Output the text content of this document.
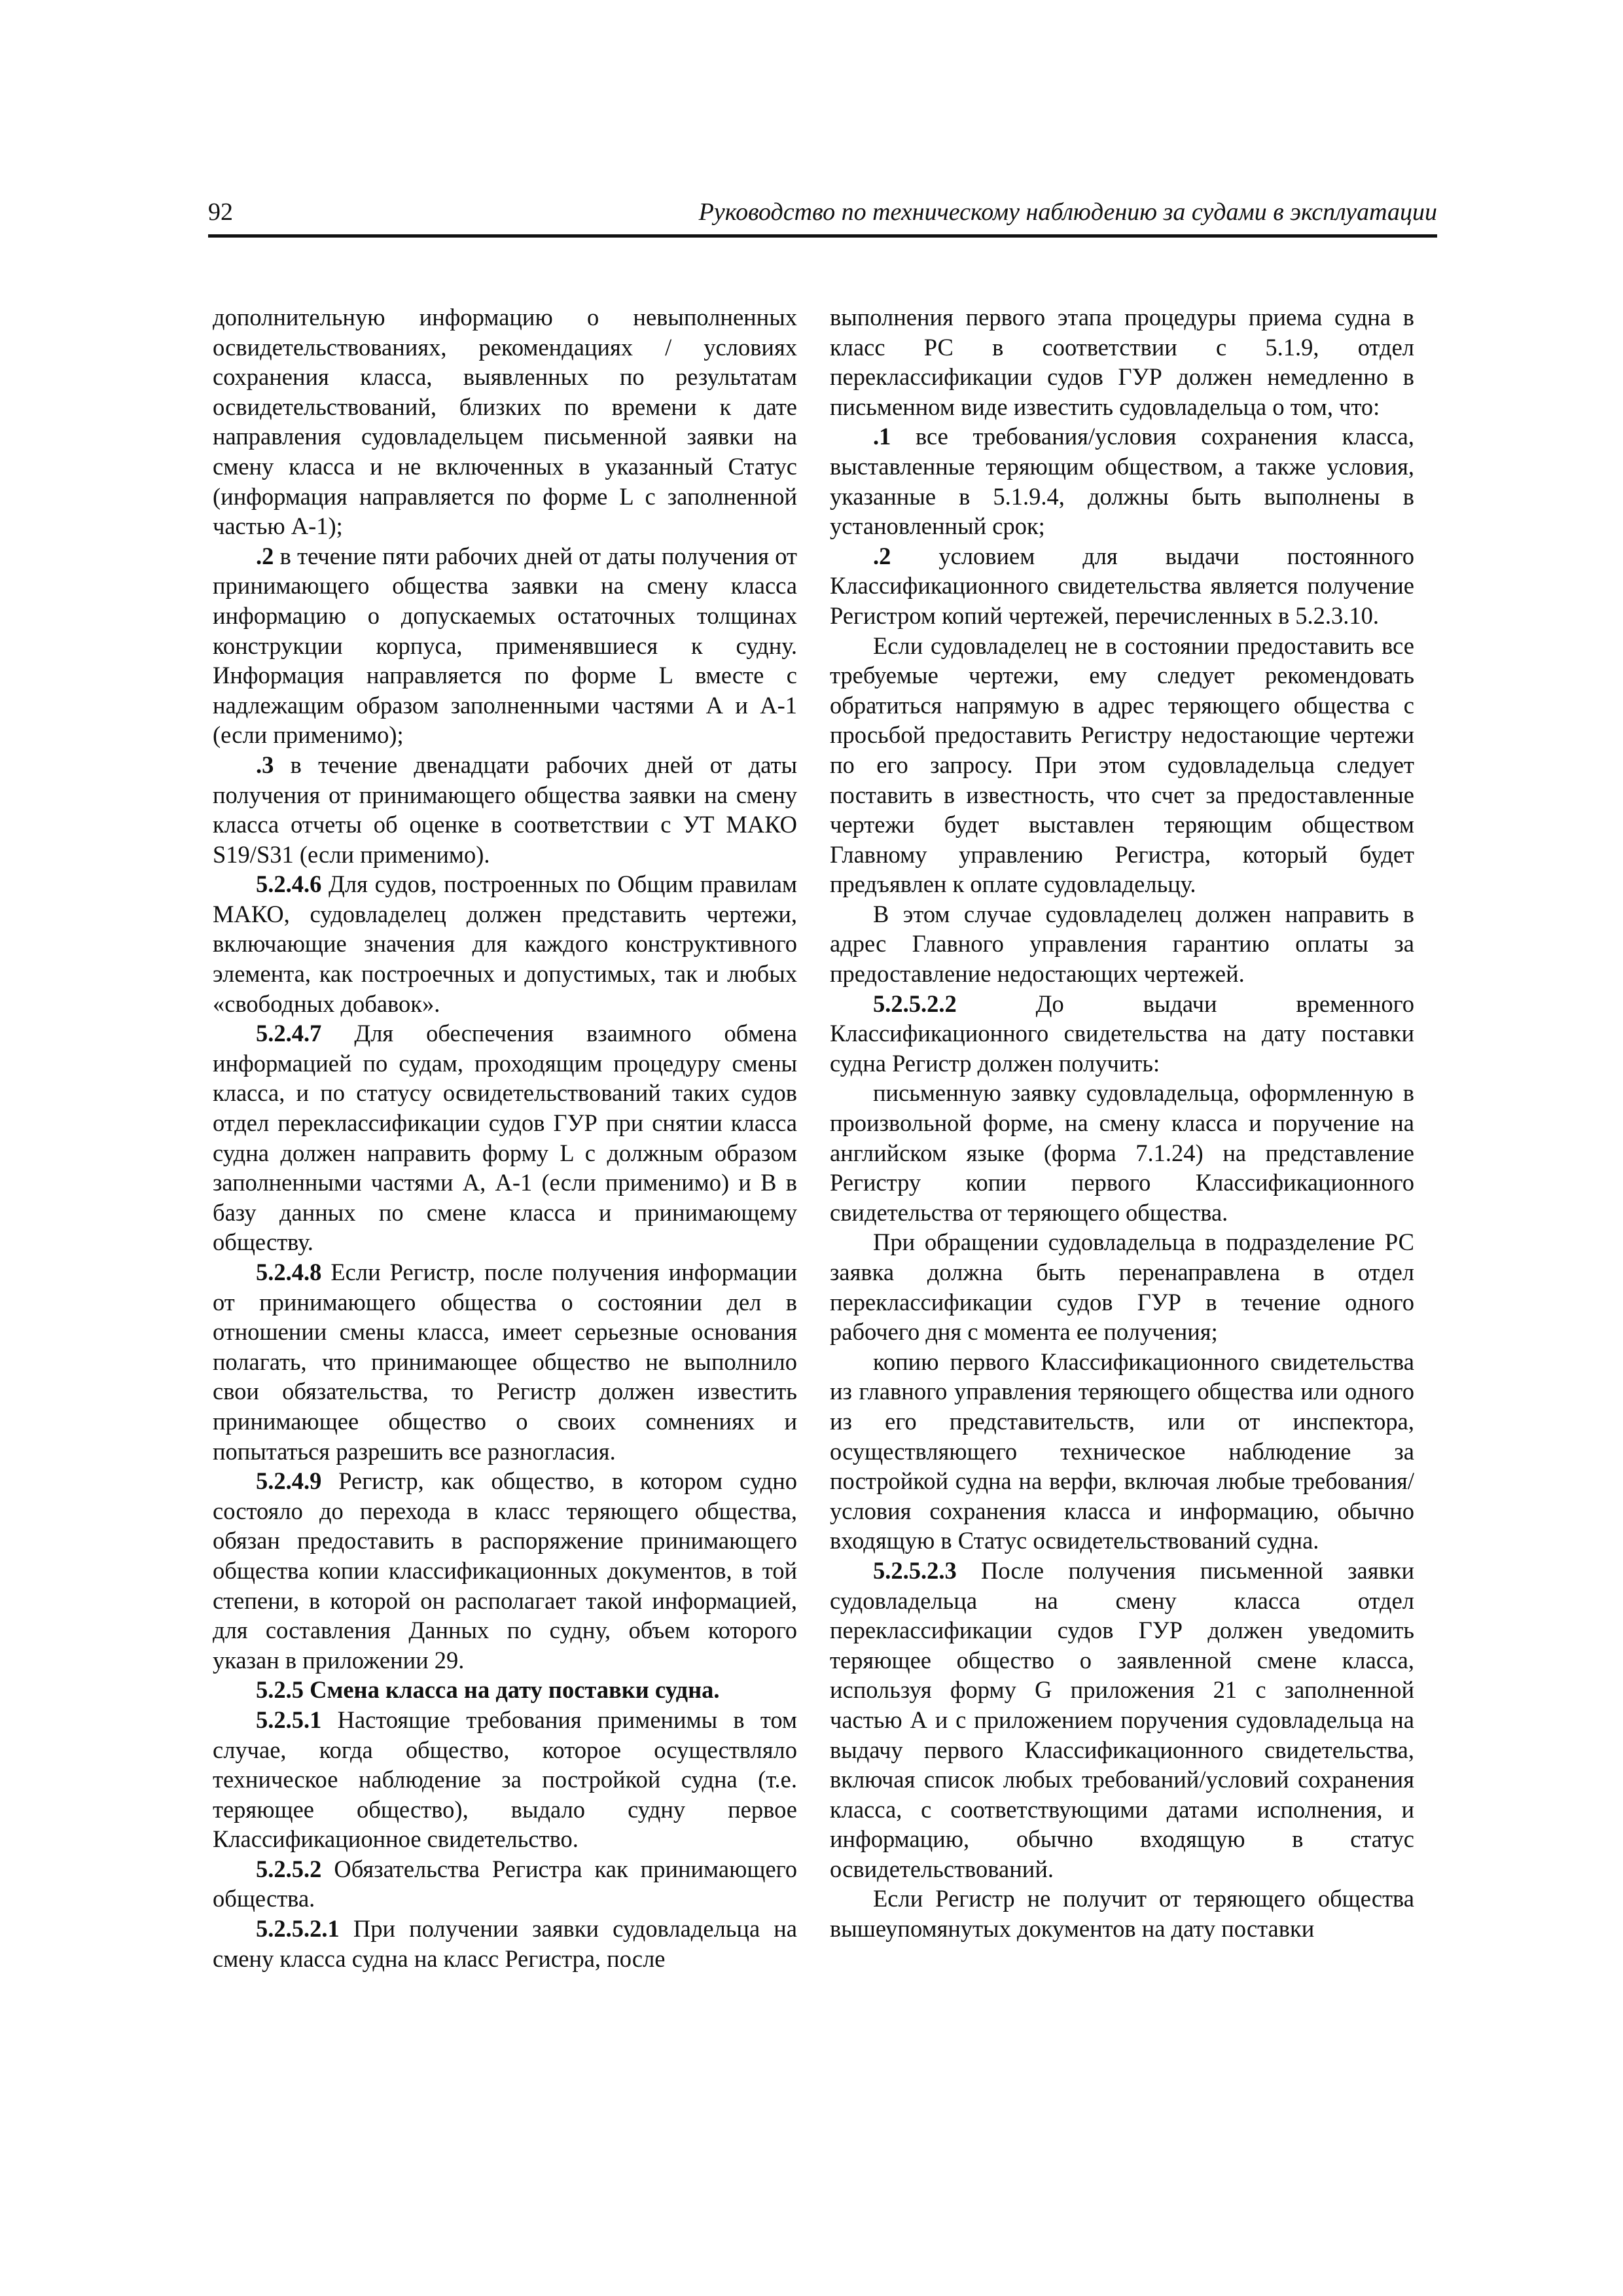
92	Руководство по техническому наблюдению за судами в эксплуатации

дополнительную информацию о невыполненных освидетельствованиях, рекомендациях / условиях сохранения класса, выявленных по результатам освидетельствований, близких по времени к дате направления судовладельцем письменной заявки на смену класса и не включенных в указанный Статус (информация направляется по форме L с заполненной частью А-1);

.2 в течение пяти рабочих дней от даты получения от принимающего общества заявки на смену класса информацию о допускаемых остаточных толщинах конструкции корпуса, применявшиеся к судну. Информация направляется по форме L вместе с надлежащим образом заполненными частями А и А-1 (если применимо);

.3 в течение двенадцати рабочих дней от даты получения от принимающего общества заявки на смену класса отчеты об оценке в соответствии с УТ МАКО S19/S31 (если применимо).

5.2.4.6 Для судов, построенных по Общим правилам МАКО, судовладелец должен представить чертежи, включающие значения для каждого конструктивного элемента, как построечных и допустимых, так и любых «свободных добавок».

5.2.4.7 Для обеспечения взаимного обмена информацией по судам, проходящим процедуру смены класса, и по статусу освидетельствований таких судов отдел переклассификации судов ГУР при снятии класса судна должен направить форму L с должным образом заполненными частями А, А-1 (если применимо) и В в базу данных по смене класса и принимающему обществу.

5.2.4.8 Если Регистр, после получения информации от принимающего общества о состоянии дел в отношении смены класса, имеет серьезные основания полагать, что принимающее общество не выполнило свои обязательства, то Регистр должен известить принимающее общество о своих сомнениях и попытаться разрешить все разногласия.

5.2.4.9 Регистр, как общество, в котором судно состояло до перехода в класс теряющего общества, обязан предоставить в распоряжение принимающего общества копии классификационных документов, в той степени, в которой он располагает такой информацией, для составления Данных по судну, объем которого указан в приложении 29.

5.2.5 Смена класса на дату поставки судна.

5.2.5.1 Настоящие требования применимы в том случае, когда общество, которое осуществляло техническое наблюдение за постройкой судна (т.е. теряющее общество), выдало судну первое Классификационное свидетельство.

5.2.5.2 Обязательства Регистра как принимающего общества.

5.2.5.2.1 При получении заявки судовладельца на смену класса судна на класс Регистра, после

выполнения первого этапа процедуры приема судна в класс РС в соответствии с 5.1.9, отдел переклассификации судов ГУР должен немедленно в письменном виде известить судовладельца о том, что:

.1 все требования/условия сохранения класса, выставленные теряющим обществом, а также условия, указанные в 5.1.9.4, должны быть выполнены в установленный срок;

.2 условием для выдачи постоянного Классификационного свидетельства является получение Регистром копий чертежей, перечисленных в 5.2.3.10.

Если судовладелец не в состоянии предоставить все требуемые чертежи, ему следует рекомендовать обратиться напрямую в адрес теряющего общества с просьбой предоставить Регистру недостающие чертежи по его запросу. При этом судовладельца следует поставить в известность, что счет за предоставленные чертежи будет выставлен теряющим обществом Главному управлению Регистра, который будет предъявлен к оплате судовладельцу.

В этом случае судовладелец должен направить в адрес Главного управления гарантию оплаты за предоставление недостающих чертежей.

5.2.5.2.2 До выдачи временного Классификационного свидетельства на дату поставки судна Регистр должен получить:

письменную заявку судовладельца, оформленную в произвольной форме, на смену класса и поручение на английском языке (форма 7.1.24) на представление Регистру копии первого Классификационного свидетельства от теряющего общества.

При обращении судовладельца в подразделение РС заявка должна быть перенаправлена в отдел переклассификации судов ГУР в течение одного рабочего дня с момента ее получения;

копию первого Классификационного свидетельства из главного управления теряющего общества или одного из его представительств, или от инспектора, осуществляющего техническое наблюдение за постройкой судна на верфи, включая любые требования/условия сохранения класса и информацию, обычно входящую в Статус освидетельствований судна.

5.2.5.2.3 После получения письменной заявки судовладельца на смену класса отдел переклассификации судов ГУР должен уведомить теряющее общество о заявленной смене класса, используя форму G приложения 21 с заполненной частью А и с приложением поручения судовладельца на выдачу первого Классификационного свидетельства, включая список любых требований/условий сохранения класса, с соответствующими датами исполнения, и информацию, обычно входящую в статус освидетельствований.

Если Регистр не получит от теряющего общества вышеупомянутых документов на дату поставки
